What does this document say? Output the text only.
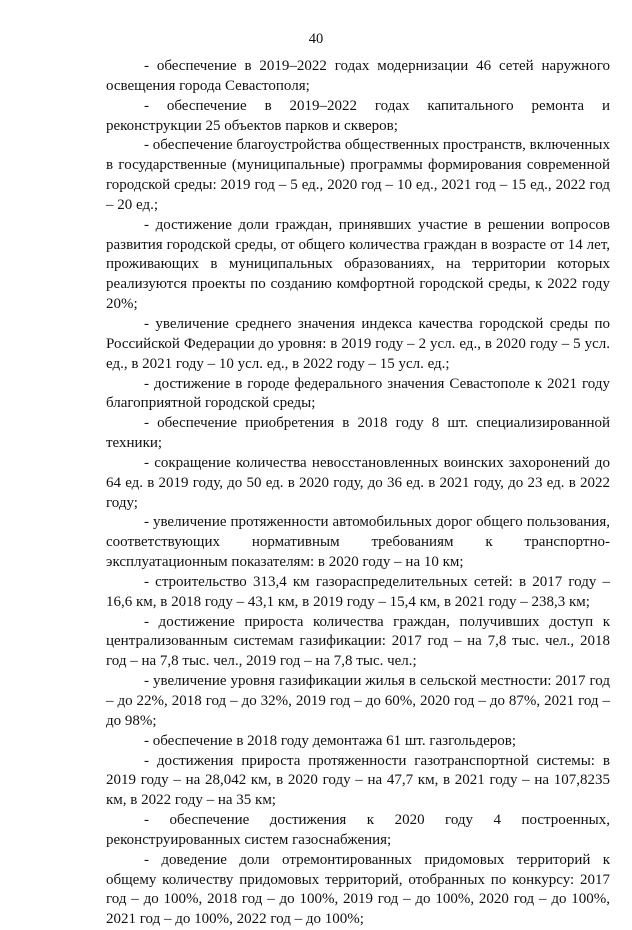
40

- обеспечение в 2019–2022 годах модернизации 46 сетей наружного освещения города Севастополя;

- обеспечение в 2019–2022 годах капитального ремонта и реконструкции 25 объектов парков и скверов;

- обеспечение благоустройства общественных пространств, включенных в государственные (муниципальные) программы формирования современной городской среды: 2019 год – 5 ед., 2020 год – 10 ед., 2021 год – 15 ед., 2022 год – 20 ед.;

- достижение доли граждан, принявших участие в решении вопросов развития городской среды, от общего количества граждан в возрасте от 14 лет, проживающих в муниципальных образованиях, на территории которых реализуются проекты по созданию комфортной городской среды, к 2022 году 20%;

- увеличение среднего значения индекса качества городской среды по Российской Федерации до уровня: в 2019 году – 2 усл. ед., в 2020 году – 5 усл. ед., в 2021 году – 10 усл. ед., в 2022 году – 15 усл. ед.;

- достижение в городе федерального значения Севастополе к 2021 году благоприятной городской среды;

- обеспечение приобретения в 2018 году 8 шт. специализированной техники;

- сокращение количества невосстановленных воинских захоронений до 64 ед. в 2019 году, до 50 ед. в 2020 году, до 36 ед. в 2021 году, до 23 ед. в 2022 году;

- увеличение протяженности автомобильных дорог общего пользования, соответствующих нормативным требованиям к транспортно-эксплуатационным показателям: в 2020 году – на 10 км;

- строительство 313,4 км газораспределительных сетей: в 2017 году – 16,6 км, в 2018 году – 43,1 км, в 2019 году – 15,4 км, в 2021 году – 238,3 км;

- достижение прироста количества граждан, получивших доступ к централизованным системам газификации: 2017 год – на 7,8 тыс. чел., 2018 год – на 7,8 тыс. чел., 2019 год – на 7,8 тыс. чел.;

- увеличение уровня газификации жилья в сельской местности: 2017 год – до 22%, 2018 год – до 32%, 2019 год – до 60%, 2020 год – до 87%, 2021 год – до 98%;

- обеспечение в 2018 году демонтажа 61 шт. газгольдеров;

- достижения прироста протяженности газотранспортной системы: в 2019 году – на 28,042 км, в 2020 году – на 47,7 км, в 2021 году – на 107,8235 км, в 2022 году – на 35 км;

- обеспечение достижения к 2020 году 4 построенных, реконструированных систем газоснабжения;

- доведение доли отремонтированных придомовых территорий к общему количеству придомовых территорий, отобранных по конкурсу: 2017 год – до 100%, 2018 год – до 100%, 2019 год – до 100%, 2020 год – до 100%, 2021 год – до 100%, 2022 год – до 100%;
